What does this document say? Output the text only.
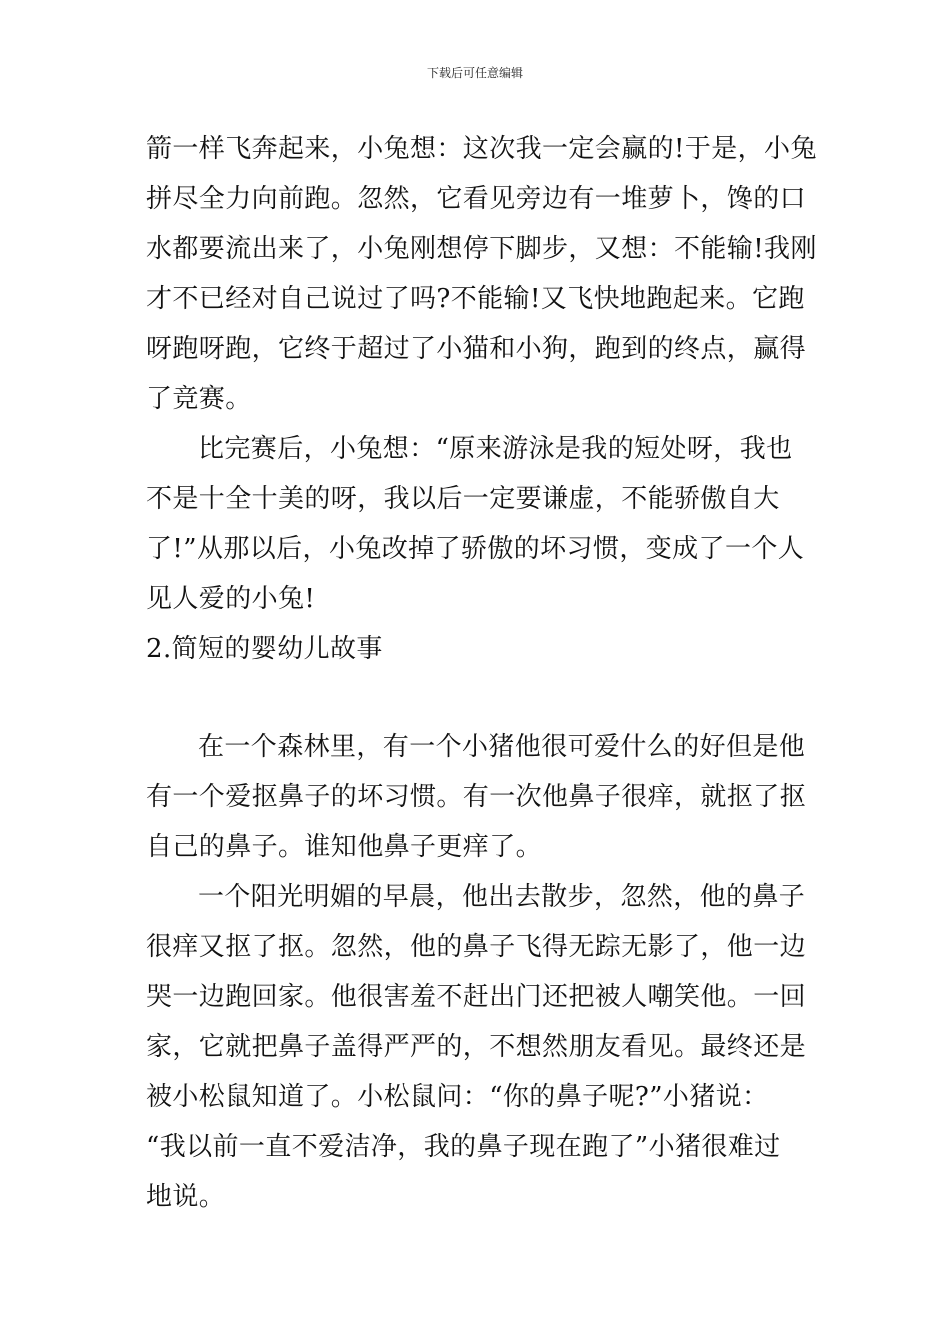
下载后可任意编辑
箭一样飞奔起来，小兔想：这次我一定会赢的!于是，小兔
拼尽全力向前跑。忽然，它看见旁边有一堆萝卜，馋的口
水都要流出来了，小兔刚想停下脚步，又想：不能输!我刚
才不已经对自己说过了吗?不能输!又飞快地跑起来。它跑
呀跑呀跑，它终于超过了小猫和小狗，跑到的终点，赢得
了竞赛。
比完赛后，小兔想：“原来游泳是我的短处呀，我也
不是十全十美的呀，我以后一定要谦虚，不能骄傲自大
了!”从那以后，小兔改掉了骄傲的坏习惯，变成了一个人
见人爱的小兔!
2.简短的婴幼儿故事
在一个森林里，有一个小猪他很可爱什么的好但是他
有一个爱抠鼻子的坏习惯。有一次他鼻子很痒，就抠了抠
自己的鼻子。谁知他鼻子更痒了。
一个阳光明媚的早晨，他出去散步，忽然，他的鼻子
很痒又抠了抠。忽然，他的鼻子飞得无踪无影了，他一边
哭一边跑回家。他很害羞不赶出门还把被人嘲笑他。一回
家，它就把鼻子盖得严严的，不想然朋友看见。最终还是
被小松鼠知道了。小松鼠问：“你的鼻子呢?”小猪说：
“我以前一直不爱洁净，我的鼻子现在跑了”小猪很难过
地说。
